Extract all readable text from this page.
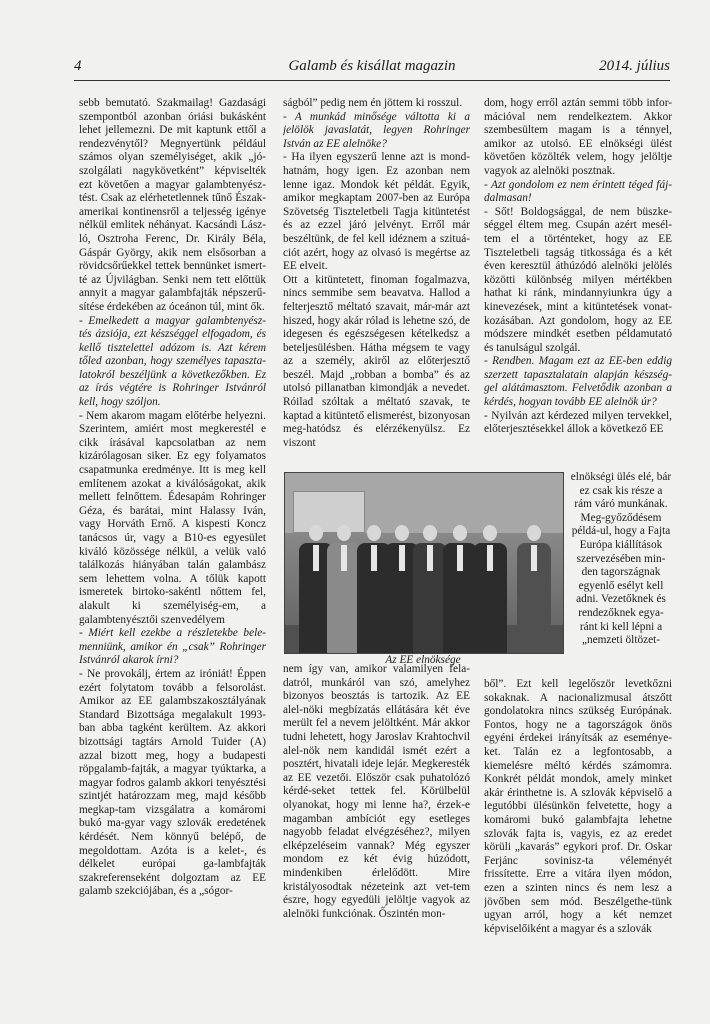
4	Galamb és kisállat magazin	2014. július

sebb bemutató. Szakmailag! Gazdasági szempontból azonban óriási bukásként lehet jellemezni. De mit kaptunk ettől a rendezvénytől? Megnyertünk például számos olyan személyiséget, akik „jó-szolgálati nagykövetként” képviselték ezt követően a magyar galambtenyész-tést. Csak az elérhetetlennek tűnő Észak-amerikai kontinensről a teljesség igénye nélkül emlitek néhányat. Kacsándi Lász-ló, Osztroha Ferenc, Dr. Király Béla, Gáspár György, akik nem elsősorban a rövidcsőrűekkel tettek bennünket ismert-té az Újvilágban. Senki nem tett előttük annyit a magyar galambfajták népszerű-sítése érdekében az óceánon túl, mint ők.

- Emelkedett a magyar galambtenyész-tés ázsiója, ezt készséggel elfogadom, és kellő tisztelettel adózom is. Azt kérem tőled azonban, hogy személyes tapaszta-latokról beszéljünk a következőkben. Ez az írás végtére is Rohringer Istvánról kell, hogy szóljon.

- Nem akarom magam előtérbe helyezni. Szerintem, amiért most megkerestél e cikk írásával kapcsolatban az nem kizárólagosan siker. Ez egy folyamatos csapatmunka eredménye. Itt is meg kell említenem azokat a kiválóságokat, akik mellett felnőttem. Édesapám Rohringer Géza, és barátai, mint Halassy Iván, vagy Horváth Ernő. A kispesti Koncz tanácsos úr, vagy a B10-es egyesület kiváló közössége nélkül, a velük való találkozás hiányában talán galambász sem lehettem volna. A tőlük kapott ismeretek birtoko-sakéntl nőttem fel, alakult ki személyiség-em, a galambtenyésztői szenvedélyem

- Miért kell ezekbe a részletekbe bele-menniünk, amikor én „csak” Rohringer Istvánról akarok írni?

- Ne provokálj, értem az iróniát! Éppen ezért folytatom tovább a felsorolást. Amikor az EE galambszakosztályának Standard Bizottsága megalakult 1993-ban abba tagként kerültem. Az akkori bizottsági tagtárs Arnold Tuider (A) azzal bizott meg, hogy a budapesti röpgalamb-fajták, a magyar tyúktarka, a magyar fodros galamb akkori tenyésztési szintjét határozzam meg, majd később megkap-tam vizsgálatra a komáromi bukó ma-gyar vagy szlovák eredetének kérdését. Nem könnyű belépő, de megoldottam. Azóta is a kelet-, és délkelet európai ga-lambfajták szakreferenseként dolgoztam az EE galamb szekciójában, és a „sógor-

ságból” pedig nem én jöttem ki rosszul.

- A munkád minősége váltotta ki a jelölök javaslatát, legyen Rohringer István az EE alelnöke?

- Ha ilyen egyszerű lenne azt is mond-hatnám, hogy igen. Ez azonban nem lenne igaz. Mondok két példát. Egyik, amikor megkaptam 2007-ben az Európa Szövetség Tiszteletbeli Tagja kitüntetést és az ezzel járó jelvényt. Erről már beszéltünk, de fel kell idéznem a szituá-ciót azért, hogy az olvasó is megértse az EE elveit.

Ott a kitüntetett, finoman fogalmazva, nincs semmibe sem beavatva. Hallod a felterjesztő méltató szavait, már-már azt hiszed, hogy akár rólad is lehetne szó, de idegesen és egészségesen kételkedsz a beteljesülésben. Hátha mégsem te vagy az a személy, akiről az előterjesztő beszél. Majd „robban a bomba” és az utolsó pillanatban kimondják a nevedet. Róilad szóltak a méltató szavak, te kaptad a kitüntető elismerést, bizonyosan meg-hatódsz és elérzékenyülsz. Ez viszont

dom, hogy erről aztán semmi több infor-mációval nem rendelkeztem. Akkor szembesültem magam is a ténnyel, amikor az utolsó. EE elnökségi ülést követően közölték velem, hogy jelöltje vagyok az alelnöki posztnak.

- Azt gondolom ez nem érintett téged fáj-dalmasan!

- Sőt! Boldogsággal, de nem büszke-séggel éltem meg. Csupán azért mesél-tem el a történteket, hogy az EE Tiszteletbeli tagság titkossága és a két éven keresztül áthúzódó alelnöki jelölés közötti különbség milyen mértékben hathat ki ránk, mindannyiunkra úgy a kinevezések, mint a kitüntetések vonat-kozásában. Azt gondolom, hogy az EE módszere mindkét esetben példamutató és tanulságul szolgál.

- Rendben. Magam ezt az EE-ben eddig szerzett tapasztalatain alapján készség-gel alátámasztom. Felvetődik azonban a kérdés, hogyan tovább EE alelnök úr?

- Nyilván azt kérdezed milyen tervekkel, előterjesztésekkel állok a következő EE

Az EE elnöksége
elnökségi ülés elé, bár ez csak kis része a rám váró munkának. Meg-győződésem példá-ul, hogy a Fajta Európa kiállítások szervezésében min-den tagországnak egyenlő esélyt kell adni. Vezetőknek és rendezőknek egya-ránt ki kell lépni a „nemzeti öltözet-
nem így van, amikor valamilyen fela-datról, munkáról van szó, amelyhez bizonyos beosztás is tartozik. Az EE alel-nöki megbízatás ellátására két éve merült fel a nevem jelöltként. Már akkor tudni lehetett, hogy Jaroslav Krahtochvil alel-nök nem kandidál ismét ezért a posztért, hivatali ideje lejár. Megkeresték az EE vezetői. Először csak puhatolózó kérdé-seket tettek fel. Körülbelül olyanokat, hogy mi lenne ha?, érzek-e magamban ambíciót egy esetleges nagyobb feladat elvégzéséhez?, milyen elképzeléseim vannak? Még egyszer mondom ez két évig húzódott, mindenkiben érlelődött. Mire kristályosodtak nézeteink azt vet-tem észre, hogy egyedüli jelöltje vagyok az alelnöki funkciónak. Őszintén mon-
ből”. Ezt kell legelőször levetkőzni sokaknak. A nacionalizmusal átszőtt gondolatokra nincs szükség Európának. Fontos, hogy ne a tagországok önös egyéni érdekei irányítsák az eseménye-ket. Talán ez a legfontosabb, a kiemelésre méltó kérdés számomra. Konkrét példát mondok, amely minket akár érinthetne is. A szlovák képviselő a legutóbbi ülésünkön felvetette, hogy a komáromi bukó galambfajta lehetne szlovák fajta is, vagyis, ez az eredet körüli „kavarás” egykori prof. Dr. Oskar Ferjánc sovinisz-ta véleményét frissítette. Erre a vitára ilyen módon, ezen a szinten nincs és nem lesz a jövőben sem mód. Beszélgethe-tünk ugyan arról, hogy a két nemzet képviselőiként a magyar és a szlovák
